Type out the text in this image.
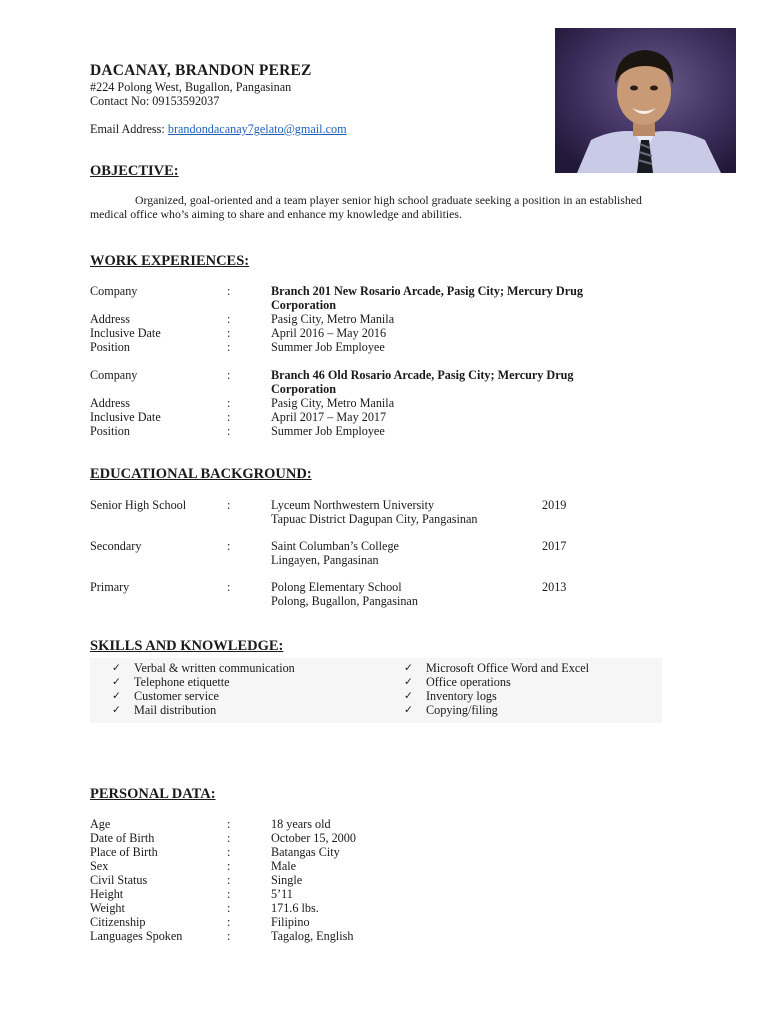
DACANAY, BRANDON PEREZ
#224 Polong West, Bugallon, Pangasinan
Contact No: 09153592037
Email Address: brandondacanay7gelato@gmail.com
OBJECTIVE:
Organized, goal-oriented and a team player senior high school graduate seeking a position in an established medical office who’s aiming to share and enhance my knowledge and abilities.
WORK EXPERIENCES:
Company	:	Branch 201 New Rosario Arcade, Pasig City; Mercury Drug
Corporation
Address	:	Pasig City, Metro Manila
Inclusive Date	:	April 2016 – May 2016
Position	:	Summer Job Employee
Company	:	Branch 46 Old Rosario Arcade, Pasig City; Mercury Drug
Corporation
Address	:	Pasig City, Metro Manila
Inclusive Date	:	April 2017 – May 2017
Position	:	Summer Job Employee
EDUCATIONAL BACKGROUND:
Senior High School	:	Lyceum Northwestern University	2019
Tapuac District Dagupan City, Pangasinan
Secondary	:	Saint Columban’s College	2017
Lingayen, Pangasinan
Primary	:	Polong Elementary School	2013
Polong, Bugallon, Pangasinan
SKILLS AND KNOWLEDGE:
✓ Verbal & written communication
✓ Telephone etiquette
✓ Customer service
✓ Mail distribution
✓ Microsoft Office Word and Excel
✓ Office operations
✓ Inventory logs
✓ Copying/filing
PERSONAL DATA:
Age	:	18 years old
Date of Birth	:	October 15, 2000
Place of Birth	:	Batangas City
Sex	:	Male
Civil Status	:	Single
Height	:	5’11
Weight	:	171.6 lbs.
Citizenship	:	Filipino
Languages Spoken	:	Tagalog, English
